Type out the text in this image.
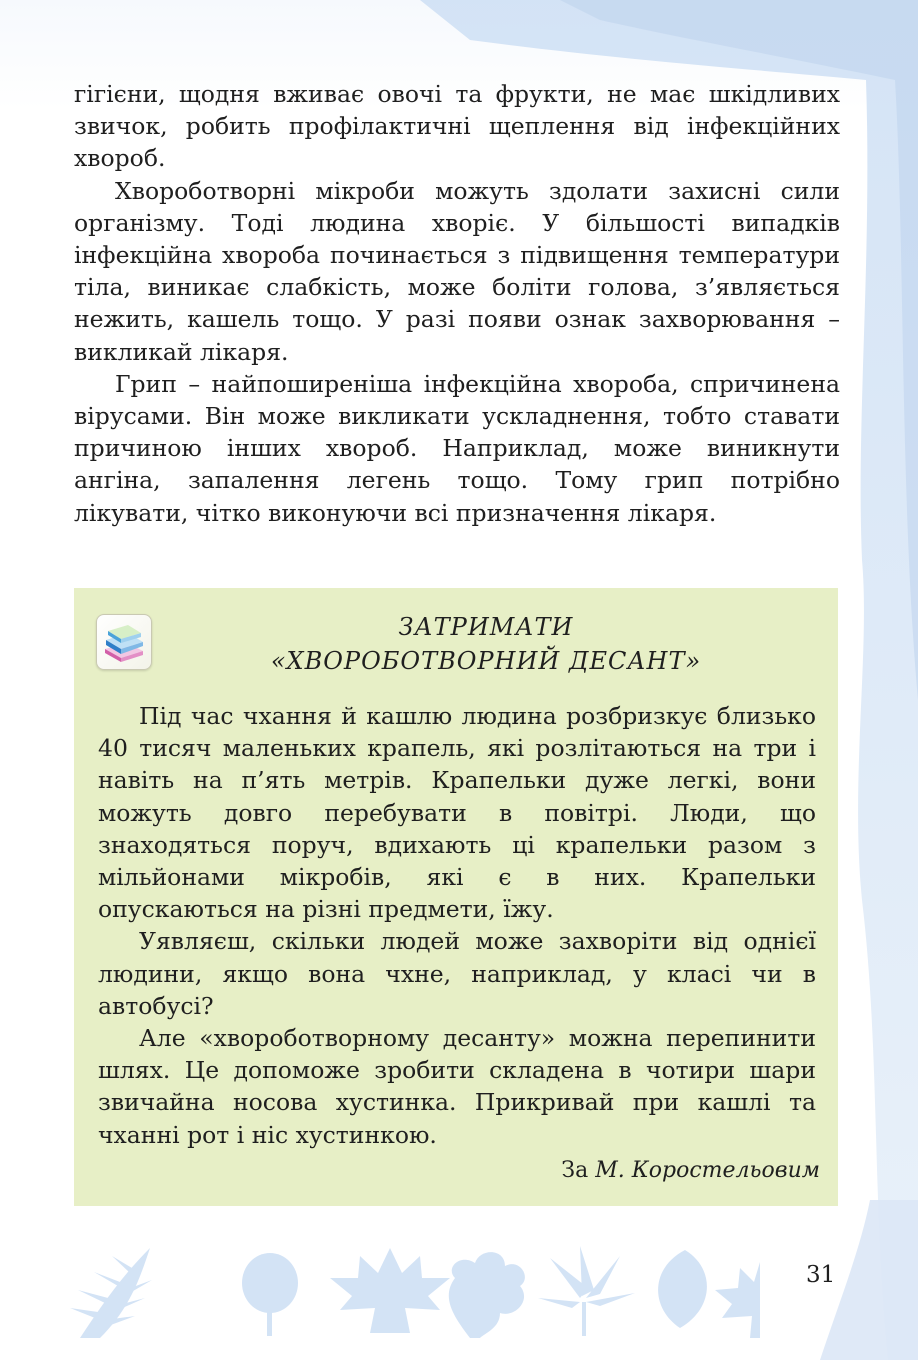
гігієни, щодня вживає овочі та фрукти, не має шкідливих звичок, робить профілактичні щеплення від інфекційних хвороб.

Хвороботворні мікроби можуть здолати захисні сили організму. Тоді людина хворіє. У більшості випадків інфекційна хвороба починається з підвищення температури тіла, виникає слабкість, може боліти голова, з’являється нежить, кашель тощо. У разі появи ознак захворювання – викликай лікаря.

Грип – найпоширеніша інфекційна хвороба, спричинена вірусами. Він може викликати ускладнення, тобто ставати причиною інших хвороб. Наприклад, може виникнути ангіна, запалення легень тощо. Тому грип потрібно лікувати, чітко виконуючи всі призначення лікаря.

ЗАТРИМАТИ
«ХВОРОБОТВОРНИЙ ДЕСАНТ»

Під час чхання й кашлю людина розбризкує близько 40 тисяч маленьких крапель, які розлітаються на три і навіть на п’ять метрів. Крапельки дуже легкі, вони можуть довго перебувати в повітрі. Люди, що знаходяться поруч, вдихають ці крапельки разом з мільйонами мікробів, які є в них. Крапельки опускаються на різні предмети, їжу.

Уявляєш, скільки людей може захворіти від однієї людини, якщо вона чхне, наприклад, у класі чи в автобусі?

Але «хвороботворному десанту» можна перепинити шлях. Це допоможе зробити складена в чотири шари звичайна носова хустинка. Прикривай при кашлі та чханні рот і ніс хустинкою.

За М. Коростельовим
31
